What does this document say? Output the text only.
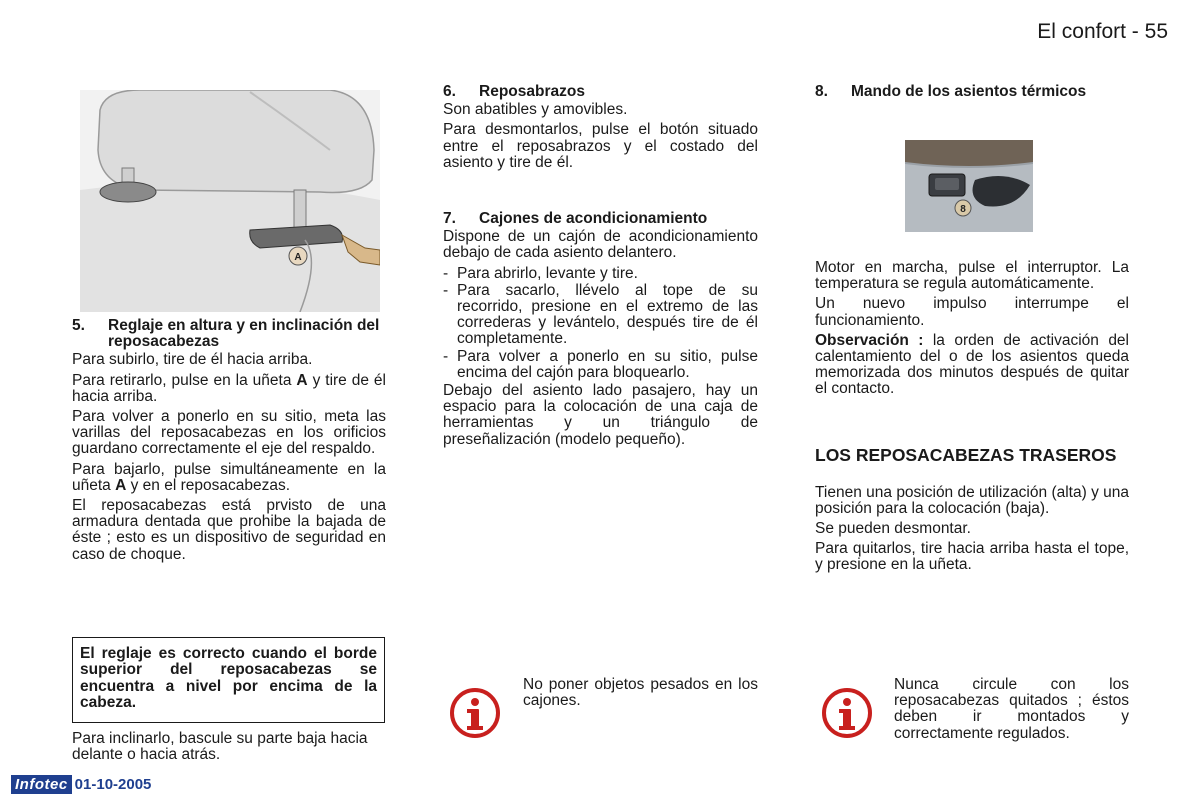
El confort - 55
A
5.	Reglaje en altura y en inclinación del reposacabezas

Para subirlo, tire de él hacia arriba.

Para retirarlo, pulse en la uñeta A y tire de él hacia arriba.

Para volver a ponerlo en su sitio, meta las varillas del reposacabezas en los orificios guardano correctamente el eje del respaldo.

Para bajarlo, pulse simultáneamente en la uñeta A y en el reposacabezas.

El reposacabezas está prvisto de una armadura dentada que prohibe la bajada de éste ; esto es un dispositivo de seguridad en caso de choque.

El reglaje es correcto cuando el borde superior del reposacabezas se encuentra a nivel por encima de la cabeza.
Para inclinarlo, bascule su parte baja hacia delante o hacia atrás.
6.	Reposabrazos

Son abatibles y amovibles.

Para desmontarlos, pulse el botón situado entre el reposabrazos y el costado del asiento y tire de él.

7.	Cajones de acondicionamiento

Dispone de un cajón de acondicionamiento debajo de cada asiento delantero.

- Para abrirlo, levante y tire.
- Para sacarlo, llévelo al tope de su recorrido, presione en el extremo de las correderas y levántelo, después tire de él completamente.
- Para volver a ponerlo en su sitio, pulse encima del cajón para bloquearlo.

Debajo del asiento lado pasajero, hay un espacio para la colocación de una caja de herramientas y un triángulo de preseñalización (modelo pequeño).

No poner objetos pesados en los cajones.
8.	Mando de los asientos térmicos
8

Motor en marcha, pulse el interruptor. La temperatura se regula automáticamente.

Un nuevo impulso interrumpe el funcionamiento.

Observación : la orden de activación del calentamiento del o de los asientos queda memorizada dos minutos después de quitar el contacto.

LOS REPOSACABEZAS TRASEROS

Tienen una posición de utilización (alta) y una posición para la colocación (baja).

Se pueden desmontar.

Para quitarlos, tire hacia arriba hasta el tope, y presione en la uñeta.

Nunca circule con los reposacabezas quitados ; éstos deben ir montados y correctamente regulados.
Infotec 01-10-2005
